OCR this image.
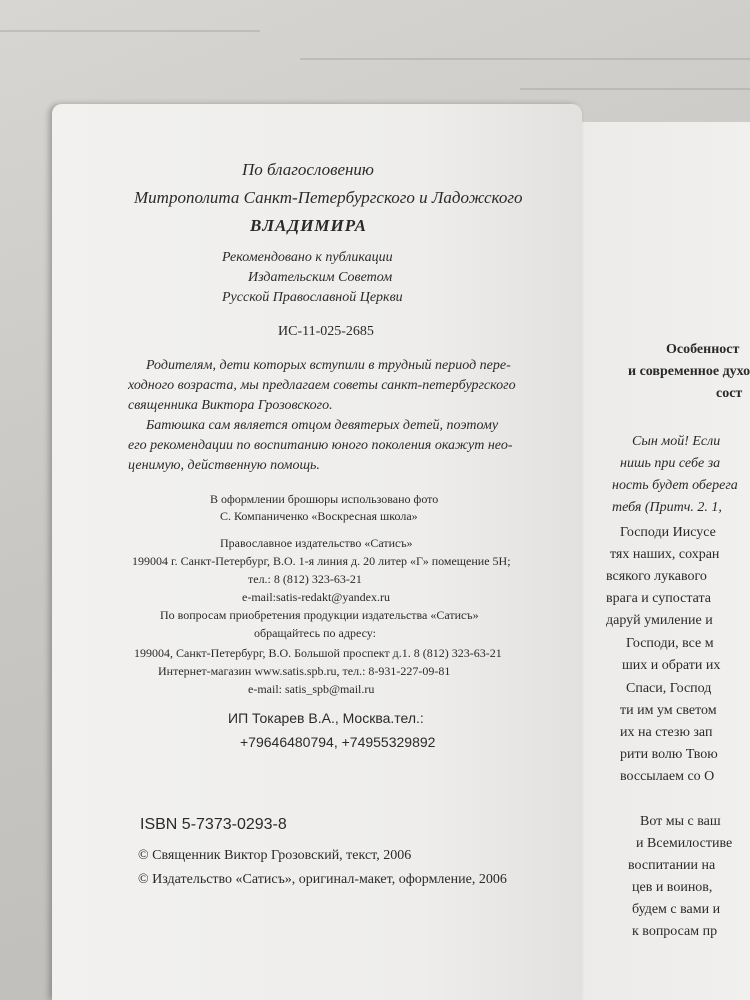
Особенност
и современное духо
сост
Сын мой! Если
нишь при себе за
ность будет оберега
тебя (Притч. 2. 1,
Господи Иисусе
тях наших, сохран
всякого лукавого
врага и супостата
даруй умиление и
Господи, все м
ших и обрати их
Спаси, Господ
ти им ум светом
их на стезю зап
рити волю Твою
воссылаем со О
Вот мы с ваш
и Всемилостиве
воспитании на
цев и воинов,
будем с вами и
к вопросам пр
По благословению
Митрополита Санкт-Петербургского и Ладожского
ВЛАДИМИРА
Рекомендовано к публикации
Издательским Советом
Русской Православной Церкви
ИС-11-025-2685
Родителям, дети которых вступили в трудный период пере-
ходного возраста, мы предлагаем советы санкт-петербургского
священника Виктора Грозовского.
Батюшка сам является отцом девятерых детей, поэтому
его рекомендации по воспитанию юного поколения окажут нео-
ценимую, действенную помощь.
В оформлении брошюры использовано фото
С. Компаниченко «Воскресная школа»
Православное издательство «Сатисъ»
199004 г. Санкт-Петербург, В.О. 1-я линия д. 20 литер «Г» помещение 5Н;
тел.: 8 (812) 323-63-21
e-mail:satis-redakt@yandex.ru
По вопросам приобретения продукции издательства «Сатисъ»
обращайтесь по адресу:
199004, Санкт-Петербург, В.О. Большой проспект д.1. 8 (812) 323-63-21
Интернет-магазин www.satis.spb.ru, тел.: 8-931-227-09-81
e-mail: satis_spb@mail.ru
ИП Токарев В.А., Москва.тел.:
+79646480794, +74955329892
ISBN 5-7373-0293-8
© Священник Виктор Грозовский, текст, 2006
© Издательство «Сатисъ», оригинал-макет, оформление, 2006
